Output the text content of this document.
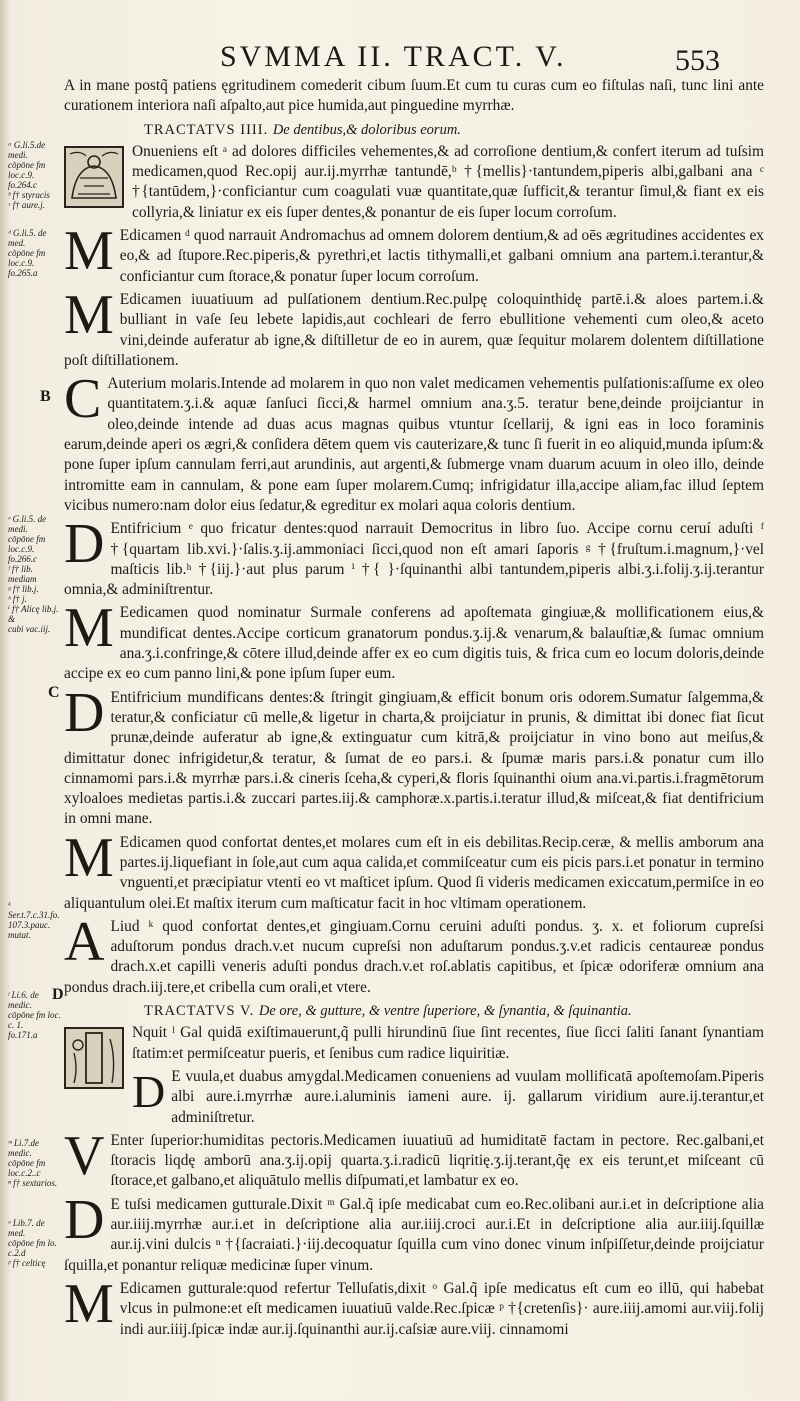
SVMMA II. TRACT. V.	553
ᵃ G.li.5.de medi.
cōpōne fm loc.c.9.
fo.264.c
ᵇ f† styracis
ᶜ f† aure.j.
ᵈ G.li.5. de med.
cōpōne fm loc.c.9.
fo.265.a
ᵉ G.li.5. de medi.
cōpōne fm loc.c.9.
fo.266.c
ᶠ f† lib. mediam
ᵍ f† lib.j.
ʰ f† j.
ⁱ f† Alicę lib.j. &
cubi vac.iij.
ᵏ Ser.t.7.c.31.fo.
107.3.pauc. mutat.
ˡ Li.6. de medic.
cōpōne fm loc. c. 1.
fo.171.a
ᵐ Li.7.de medic.
cōpōne fm loc.c.2..c
ⁿ f† sextarios.
ᵒ Lib.7. de med.
cōpōne fm lo. c.2.d
ᵖ f† celticę
B
C
D

A in mane postq̃ patiens ęgritudinem comederit cibum ſuum.Et cum tu curas cum eo fiſtulas naſi, tunc lini ante curationem interiora naſi aſpalto,aut pice humida,aut pinguedine myrrhæ.

TRACTATVS IIII. De dentibus,& doloribus eorum.

Onueniens eſt ᵃ ad dolores difficiles vehementes,& ad corroſione dentium,& confert iterum ad tuſsim medicamen,quod Rec.opij aur.ij.myrrhæ tantundē,ᵇ †{mellis}·tantundem,piperis albi,galbani ana ᶜ †{tantūdem,}·conficiantur cum coagulati vuæ quantitate,quæ ſufficit,& terantur ſimul,& fiant ex eis collyria,& liniatur ex eis ſuper dentes,& ponantur de eis ſuper locum corroſum.

M Edicamen ᵈ quod narrauit Andromachus ad omnem dolorem dentium,& ad oēs ægritudines accidentes ex eo,& ad ſtupore.Rec.piperis,& pyrethri,et lactis tithymalli,et galbani omnium ana partem.i.terantur,& conficiantur cum ſtorace,& ponatur ſuper locum corroſum.

M Edicamen iuuatiuum ad pulſationem dentium.Rec.pulpę coloquinthidę partē.i.& aloes partem.i.& bulliant in vaſe ſeu lebete lapidis,aut cochleari de ferro ebullitione vehementi cum oleo,& aceto vini,deinde auferatur ab igne,& diſtilletur de eo in aurem, quæ ſequitur molarem dolentem diſtillatione poſt diſtillationem.

C Auterium molaris.Intende ad molarem in quo non valet medicamen vehementis pulſationis:aſſume ex oleo quantitatem.ʒ.i.& aquæ ſanſuci ſicci,& harmel omnium ana.ʒ.5. teratur bene,deinde proijciantur in oleo,deinde intende ad duas acus magnas quibus vtuntur ſcellarij, & igni eas in loco foraminis earum,deinde aperi os ægri,& conſidera dētem quem vis cauterizare,& tunc ſi fuerit in eo aliquid,munda ipſum:& pone ſuper ipſum cannulam ferri,aut arundinis, aut argenti,& ſubmerge vnam duarum acuum in oleo illo, deinde intromitte eam in cannulam, & pone eam ſuper molarem.Cumq; infrigidatur illa,accipe aliam,fac illud ſeptem vicibus numero:nam dolor eius ſedatur,& egreditur ex molari aqua coloris dentium.

D Entifricium ᵉ quo fricatur dentes:quod narrauit Democritus in libro ſuo. Accipe cornu ceruí aduſti ᶠ †{quartam lib.xvi.}·ſalis.ʒ.ij.ammoniaci ſicci,quod non eſt amari ſaporis ᵍ †{fruſtum.i.magnum,}·vel maſticis lib.ʰ †{iij.}·aut plus parum ⁱ †{ }·ſquinanthi albi tantundem,piperis albi.ʒ.i.folij.ʒ.ij.terantur omnia,& adminiſtrentur.

M Eedicamen quod nominatur Surmale conferens ad apoſtemata gingiuæ,& mollificationem eius,& mundificat dentes.Accipe corticum granatorum pondus.ʒ.ij.& venarum,& balauſtiæ,& ſumac omnium ana.ʒ.i.confringe,& cōtere illud,deinde affer ex eo cum digitis tuis, & frica cum eo locum doloris,deinde accipe ex eo cum panno lini,& pone ipſum ſuper eum.

D Entifricium mundificans dentes:& ſtringit gingiuam,& efficit bonum oris odorem.Sumatur ſalgemma,& teratur,& conficiatur cū melle,& ligetur in charta,& proijciatur in prunis, & dimittat ibi donec fiat ſicut prunæ,deinde auferatur ab igne,& extinguatur cum kitrā,& proijciatur in vino bono aut meiſus,& dimittatur donec infrigidetur,& teratur, & ſumat de eo pars.i. & ſpumæ maris pars.i.& ponatur cum illo cinnamomi pars.i.& myrrhæ pars.i.& cineris ſceha,& cyperi,& floris ſquinanthi oium ana.vi.partis.i.fragmētorum xyloaloes medietas partis.i.& zuccari partes.iij.& camphoræ.x.partis.i.teratur illud,& miſceat,& fiat dentifricium in omni mane.

M Edicamen quod confortat dentes,et molares cum eſt in eis debilitas.Recip.ceræ, & mellis amborum ana partes.ij.liquefiant in ſole,aut cum aqua calida,et commiſceatur cum eis picis pars.i.et ponatur in termino vnguenti,et præcipiatur vtenti eo vt maſticet ipſum. Quod ſi videris medicamen exiccatum,permiſce in eo aliquantulum olei.Et maſtix iterum cum maſticatur facit in hoc vltimam operationem.

A Liud ᵏ quod confortat dentes,et gingiuam.Cornu ceruini aduſti pondus. ʒ. x. et foliorum cupreſsi aduſtorum pondus drach.v.et nucum cupreſsi non aduſtarum pondus.ʒ.v.et radicis centaureæ pondus drach.x.et capilli veneris aduſti pondus drach.v.et roſ.ablatis capitibus, et ſpicæ odoriferæ omnium ana pondus drach.iij.tere,et cribella cum orali,et vtere.

TRACTATVS V. De ore, & gutture, & ventre ſuperiore, & ſynantia, & ſquinantia.

Nquit ˡ Gal quidā exiſtimauerunt,q̃ pulli hirundinū ſiue ſint recentes, ſiue ſicci ſaliti ſanant ſynantiam ſtatim:et permiſceatur pueris, et ſenibus cum radice liquiritiæ.

D E vuula,et duabus amygdal.Medicamen conueniens ad vuulam mollificatā apoſtemoſam.Piperis albi aure.i.myrrhæ aure.i.aluminis iameni aure. ij. gallarum viridium aure.ij.terantur,et adminiſtretur.

V Enter ſuperior:humiditas pectoris.Medicamen iuuatiuū ad humiditatē factam in pectore. Rec.galbani,et ſtoracis liqdę amborū ana.ʒ.ij.opij quarta.ʒ.i.radicū liqritię.ʒ.ij.terant,q̃ę ex eis terunt,et miſceant cū ſtorace,et galbano,et aliquātulo mellis diſpumati,et lambatur ex eo.

D E tuſsi medicamen gutturale.Dixit ᵐ Gal.q̃ ipſe medicabat cum eo.Rec.olibani aur.i.et in deſcriptione alia aur.iiij.myrrhæ aur.i.et in deſcriptione alia aur.iiij.croci aur.i.Et in deſcriptione alia aur.iiij.ſquillæ aur.ij.vini dulcis ⁿ †{ſacraiati.}·iij.decoquatur ſquilla cum vino donec vinum inſpiſſetur,deinde proijciatur ſquilla,et ponantur reliquæ medicinæ ſuper vinum.

M Edicamen gutturale:quod refertur Telluſatis,dixit ᵒ Gal.q̃ ipſe medicatus eſt cum eo illū, qui habebat vlcus in pulmone:et eſt medicamen iuuatiuū valde.Rec.ſpicæ ᵖ †{cretenſis}· aure.iiij.amomi aur.viij.folij indi aur.iiij.ſpicæ indæ aur.ij.ſquinanthi aur.ij.caſsiæ aure.viij. cinnamomi
